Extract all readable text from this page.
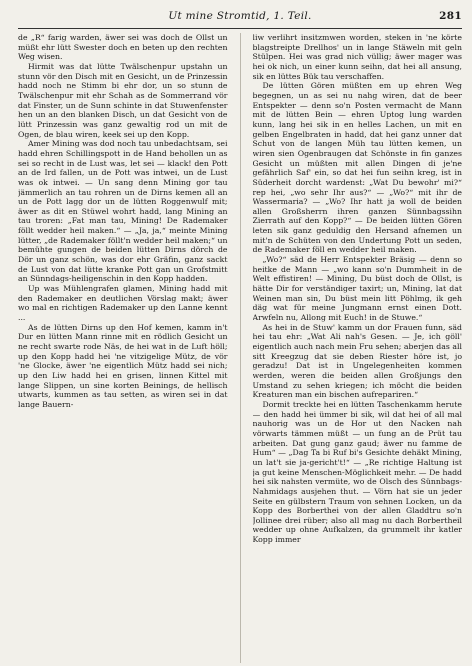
Ut mine Stromtid, 1. Teil.	281

de „R“ farig warden, äwer sei was doch de Ollst un müßt ehr lütt Swester doch en beten up den rechten Weg wisen.

Hirmit was dat lütte Twälschenpur upstahn un stunn vör den Disch mit en Gesicht, un de Prinzessin hadd noch ne Stimm bi ehr dor, un so stunn de Twälschenpur mit ehr Schah as de Sommerrand vör dat Finster, un de Sunn schinte in dat Stuwenfenster hen un an den blanken Disch, un dat Gesicht von de lütt Prinzessin was ganz gewaltig rod un mit de Ogen, de blau wiren, keek sei up den Kopp.

Amer Mining was dod noch tau unbedachtsam, sei hadd ehren Schillingspott in de Hand behollen un as sei so recht in de Lust was, let sei — klack! den Pott an de Ird fallen, un de Pott was intwei, un de Lust was ok intwei. — Un sang denn Mining gor tau jämmerlich an tau rohren un de Dirns kemen all an un de Pott lagg dor un de lütten Roggenwulf mit; äwer as dit en Stüwel wohrt hadd, lang Mining an tau troren: „Fat man tau, Mining! De Rademaker föllt wedder heil maken.“ — „Ja, ja,“ meinte Mining lütter, „de Rademaker föllt'n wedder heil maken;“ un bemühte gungen de beiden lütten Dirns dörch de Dör un ganz schön, was dor ehr Gräfin, ganz sackt de Lust von dat lütte kranke Pott gan un Grofstmitt an Sünndags-heiligenschin in den Kopp hadden.

Up was Mühlengrafen glamen, Mining hadd mit den Rademaker en deutlichen Vörslag makt; äwer wo mal en richtigen Rademaker up den Lanne kennt ...

As de lütten Dirns up den Hof kemen, kamm in't Dur en lütten Mann rinne mit en rödlich Gesicht un ne recht swarte rode Näs, de hei wat in de Luft höll; up den Kopp hadd hei 'ne vitzigelige Mütz, de vör 'ne Glocke, äwer 'ne eigentlich Mütz hadd sei nich; up den Liw hadd hei en grisen, linnen Kittel mit lange Slippen, un sine korten Beinings, de hellisch utwarts, kummen as tau setten, as wiren sei in dat lange Bauern-

liw verlihrt insitzmwen worden, steken in 'ne körte blagstreipte Drellhos' un in lange Stäweln mit geln Stülpen. Hei was grad nich vüllig; äwer mager was hei ok nich, un einer kunn seihn, dat hei all ansung, sik en lüttes Bük tau verschaffen.

De lütten Gören müßten em up ehren Weg begegnen, un as sei nu nahg wiren, dat de beer Entspekter — denn so'n Posten vermacht de Mann mit de lütten Bein — ehren Uptog lung warden kunn, lang hei sik in en helles Lachen, un mit en gelben Engelbraten in hadd, dat hei ganz unner dat Schut von de langen Müh tau lütten kemen, un wiren sien Ogenbraugen dat Schönste in fin ganzes Gesicht un müßten mit allen Dingen di je'ne gefährlich Saf' ein, so dat hei fun seihn kreg, ist in Süderheit dorcht wardenst: „Wat Du bewohr' mi?“ rep hei, „wo sehr Ihr aus?“ — „Wo?“ mit ihr de Wassermaria? — „Wo? Ihr hatt ja woll de beiden allen Großsherrn ihren ganzen Sünnbagssihn Zierrath auf den Kopp?“ — De beiden lütten Gören leten sik ganz geduldig den Hersand afnemen un mit'n de Schüten von den Undertung Pott un seden, de Rademaker föll en wedder heil maken.

„Wo?“ säd de Herr Entspekter Bräsig — denn so heitke de Mann — „wo kann so'n Dummheit in de Welt effistiren! — Mining, Du büst doch de Ollst, is hätte Dir for verständiger taxirt; un, Mining, lat dat Weinen man sin, Du büst mein litt Pöhlmg, ik geh däg wat für meine Jungmann ernst einen Dott. Arwfeln nu, Allong mit Euch! in de Stuwe.“

As hei in de Stuw' kamm un dor Frauen funn, säd hei tau ehr: „Wat Ali nah's Gesen. — Je, ich göll' eigentlich auch nach mein Fru sehen; aberjen das all sitt Kreegzug dat sie deben Riester höre ist, jo geradzu! Dat ist in Ungelegenheiten kommen werden, weren die beiden allen Großjungs den Umstand zu sehen kriegen; ich möcht die beiden Kreaturen man ein bischen aufrepariren.“

Dormit treckte hei en lütten Taschenkamm herute — den hadd hei ümmer bi sik, wil dat hei of all mal nauhorig was un de Hor ut den Nacken nah vörwarts tämmen müßt — un fung an de Prüt tau arbeiten. Dat gung ganz gaud; äwer nu famme de Hum“ — „Dag Ta bi Ruf bi's Gesichte dehäkt Mining, un lat't sie ja-gericht't!“ — „Re richtige Haltung ist ja gut keine Menschen-Möglichkeit mehr. — De hadd hei sik nahsten vermüte, wo de Olsch des Sünnbags-Nahmidags ausjehen thut. — Vörn hat sie un jeder Seite en gülbstern Traum von sehnen Locken, un da Kopp des Borberthei von der allen Gladdtru so'n Jollinee drei rüber; also all mag nu dach Borbertheil wedder up ohne Aufkalzen, da grummelt ihr katler Kopp immer
